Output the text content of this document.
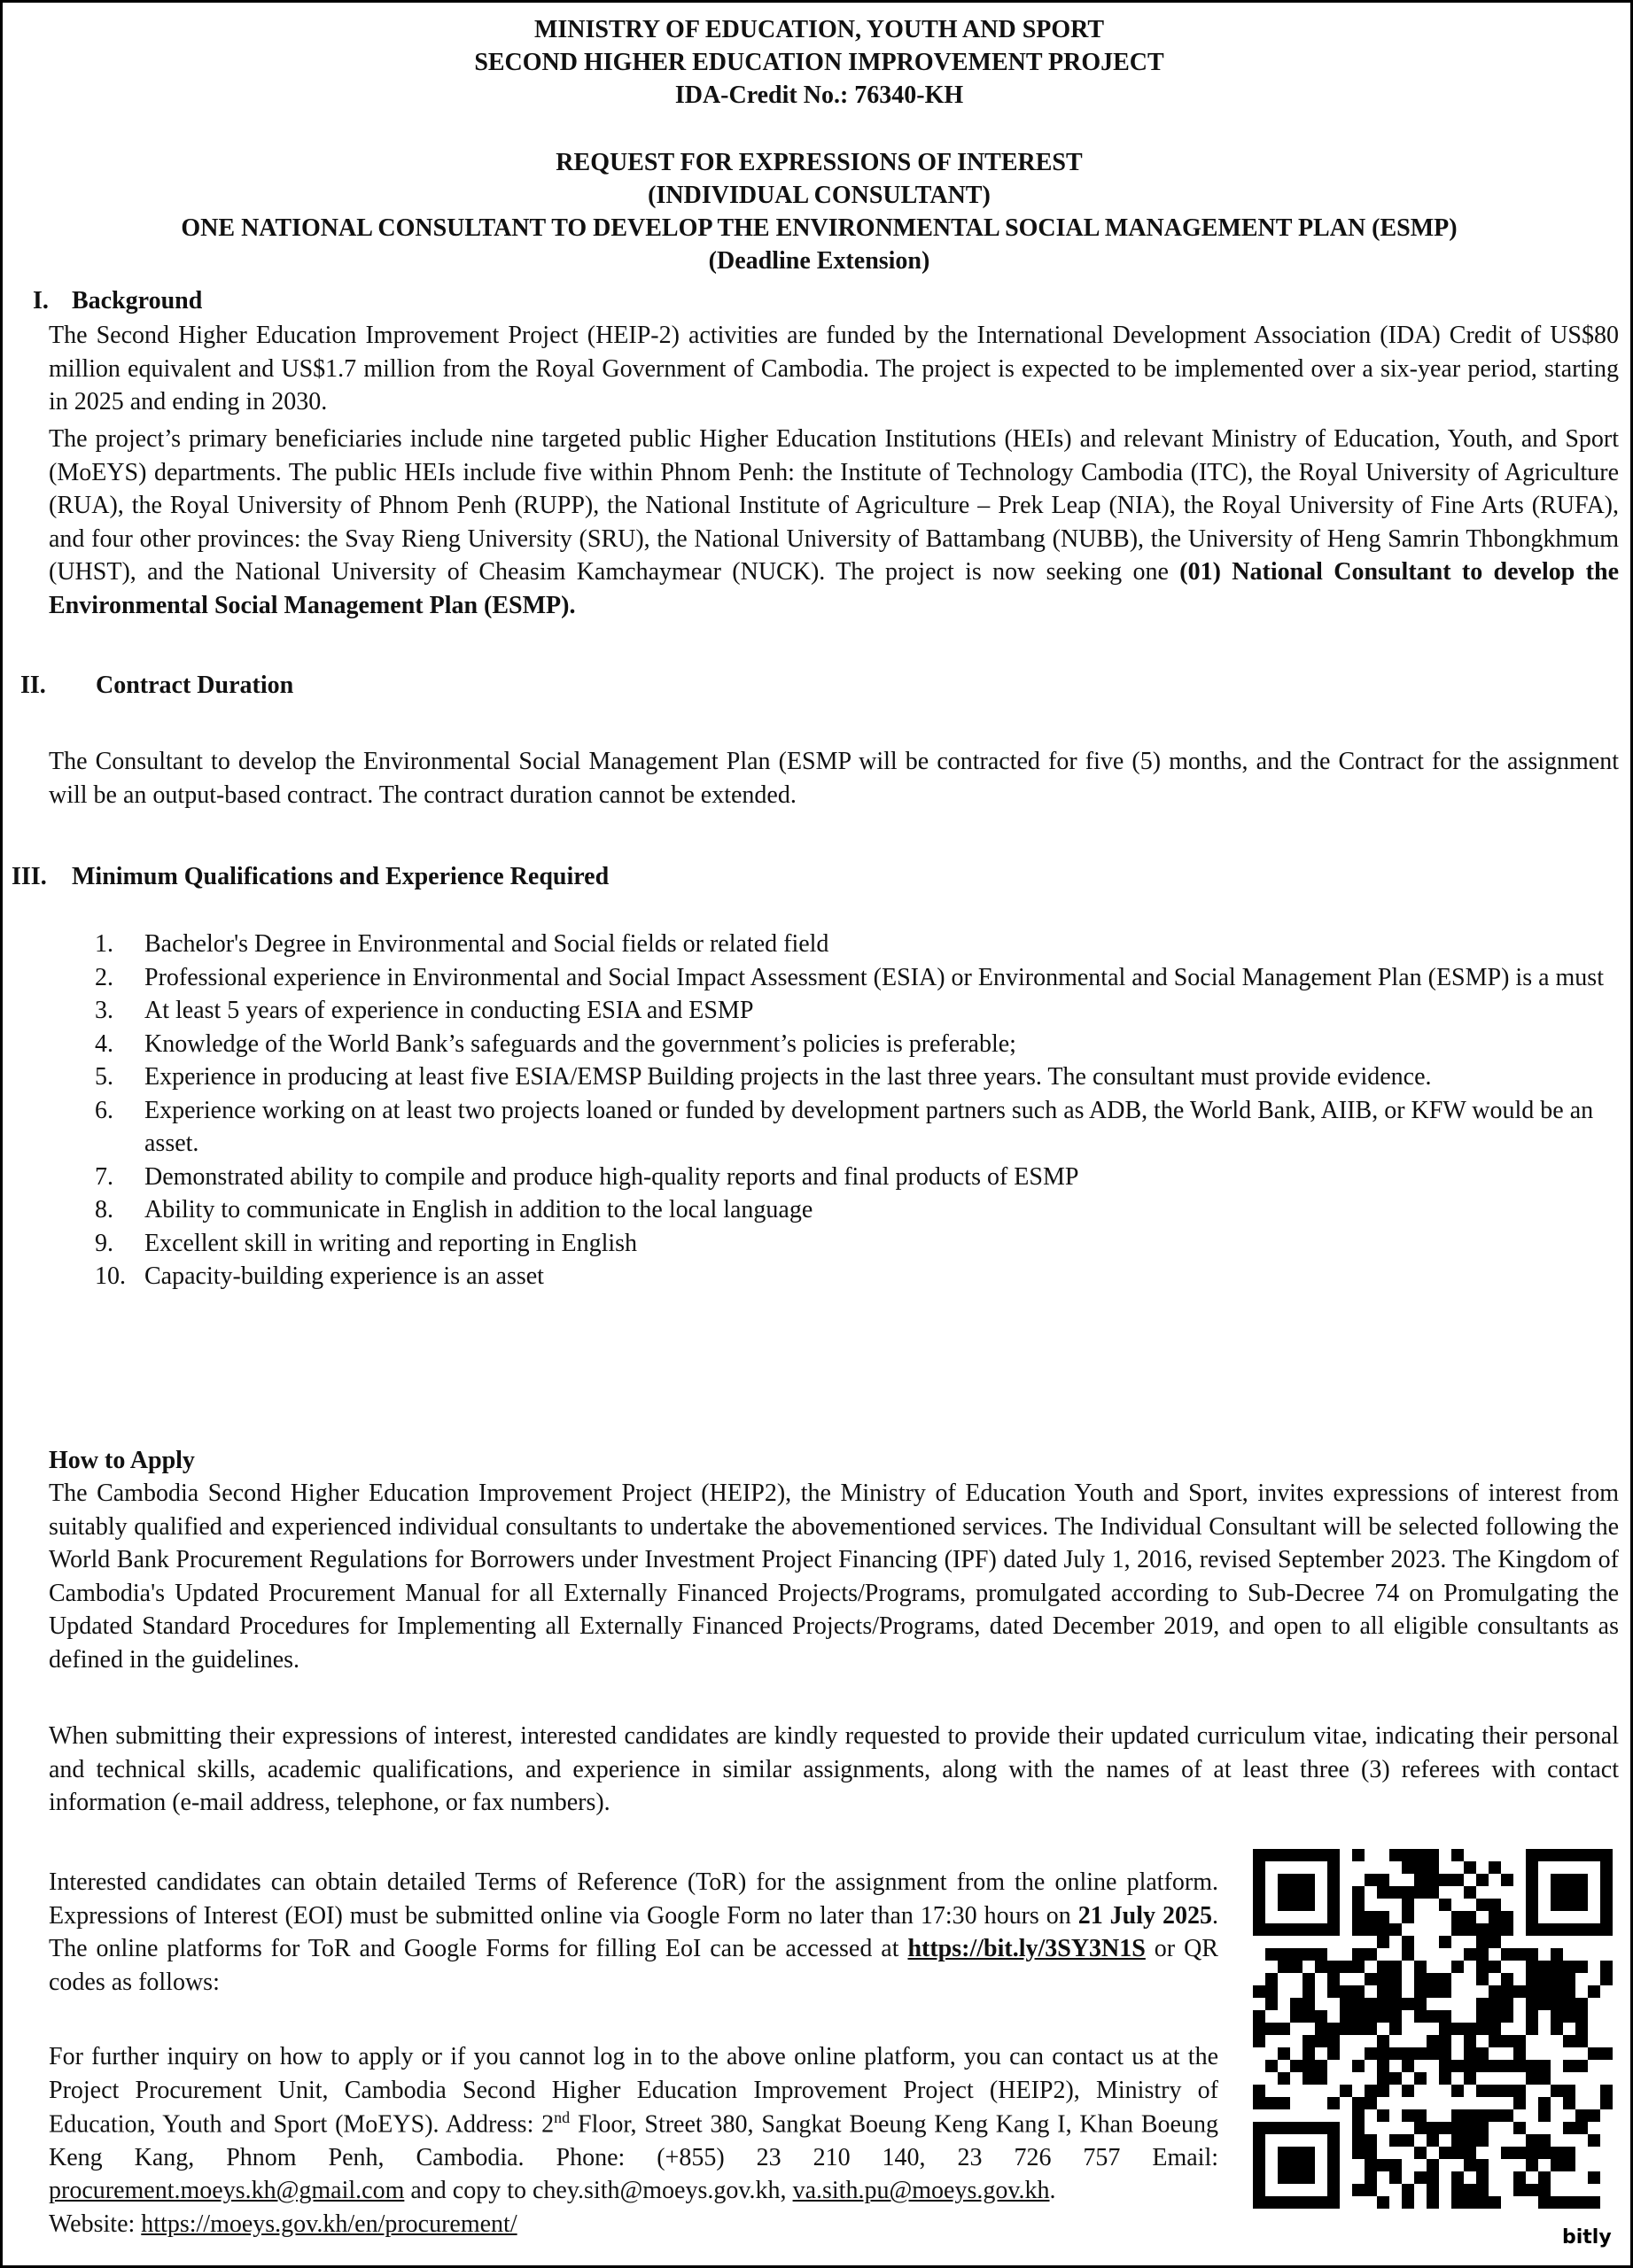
MINISTRY OF EDUCATION, YOUTH AND SPORT
SECOND HIGHER EDUCATION IMPROVEMENT PROJECT
IDA-Credit No.: 76340-KH
REQUEST FOR EXPRESSIONS OF INTEREST
(INDIVIDUAL CONSULTANT)
ONE NATIONAL CONSULTANT TO DEVELOP THE ENVIRONMENTAL SOCIAL MANAGEMENT PLAN (ESMP)
(Deadline Extension)
I. Background
The Second Higher Education Improvement Project (HEIP-2) activities are funded by the International Development Association (IDA) Credit of US$80 million equivalent and US$1.7 million from the Royal Government of Cambodia. The project is expected to be implemented over a six-year period, starting in 2025 and ending in 2030.
The project’s primary beneficiaries include nine targeted public Higher Education Institutions (HEIs) and relevant Ministry of Education, Youth, and Sport (MoEYS) departments. The public HEIs include five within Phnom Penh: the Institute of Technology Cambodia (ITC), the Royal University of Agriculture (RUA), the Royal University of Phnom Penh (RUPP), the National Institute of Agriculture – Prek Leap (NIA), the Royal University of Fine Arts (RUFA), and four other provinces: the Svay Rieng University (SRU), the National University of Battambang (NUBB), the University of Heng Samrin Thbongkhmum (UHST), and the National University of Cheasim Kamchaymear (NUCK). The project is now seeking one (01) National Consultant to develop the Environmental Social Management Plan (ESMP).
II. Contract Duration
The Consultant to develop the Environmental Social Management Plan (ESMP will be contracted for five (5) months, and the Contract for the assignment will be an output-based contract. The contract duration cannot be extended.
III. Minimum Qualifications and Experience Required
1. Bachelor's Degree in Environmental and Social fields or related field
2. Professional experience in Environmental and Social Impact Assessment (ESIA) or Environmental and Social Management Plan (ESMP) is a must
3. At least 5 years of experience in conducting ESIA and ESMP
4. Knowledge of the World Bank’s safeguards and the government’s policies is preferable;
5. Experience in producing at least five ESIA/EMSP Building projects in the last three years. The consultant must provide evidence.
6. Experience working on at least two projects loaned or funded by development partners such as ADB, the World Bank, AIIB, or KFW would be an asset.
7. Demonstrated ability to compile and produce high-quality reports and final products of ESMP
8. Ability to communicate in English in addition to the local language
9. Excellent skill in writing and reporting in English
10. Capacity-building experience is an asset
How to Apply
The Cambodia Second Higher Education Improvement Project (HEIP2), the Ministry of Education Youth and Sport, invites expressions of interest from suitably qualified and experienced individual consultants to undertake the abovementioned services. The Individual Consultant will be selected following the World Bank Procurement Regulations for Borrowers under Investment Project Financing (IPF) dated July 1, 2016, revised September 2023. The Kingdom of Cambodia's Updated Procurement Manual for all Externally Financed Projects/Programs, promulgated according to Sub-Decree 74 on Promulgating the Updated Standard Procedures for Implementing all Externally Financed Projects/Programs, dated December 2019, and open to all eligible consultants as defined in the guidelines.
When submitting their expressions of interest, interested candidates are kindly requested to provide their updated curriculum vitae, indicating their personal and technical skills, academic qualifications, and experience in similar assignments, along with the names of at least three (3) referees with contact information (e-mail address, telephone, or fax numbers).
Interested candidates can obtain detailed Terms of Reference (ToR) for the assignment from the online platform. Expressions of Interest (EOI) must be submitted online via Google Form no later than 17:30 hours on 21 July 2025. The online platforms for ToR and Google Forms for filling EoI can be accessed at https://bit.ly/3SY3N1S or QR codes as follows:
For further inquiry on how to apply or if you cannot log in to the above online platform, you can contact us at the Project Procurement Unit, Cambodia Second Higher Education Improvement Project (HEIP2), Ministry of Education, Youth and Sport (MoEYS). Address: 2nd Floor, Street 380, Sangkat Boeung Keng Kang I, Khan Boeung Keng Kang, Phnom Penh, Cambodia. Phone: (+855) 23 210 140, 23 726 757 Email: procurement.moeys.kh@gmail.com and copy to chey.sith@moeys.gov.kh, va.sith.pu@moeys.gov.kh.
Website: https://moeys.gov.kh/en/procurement/	bitly
